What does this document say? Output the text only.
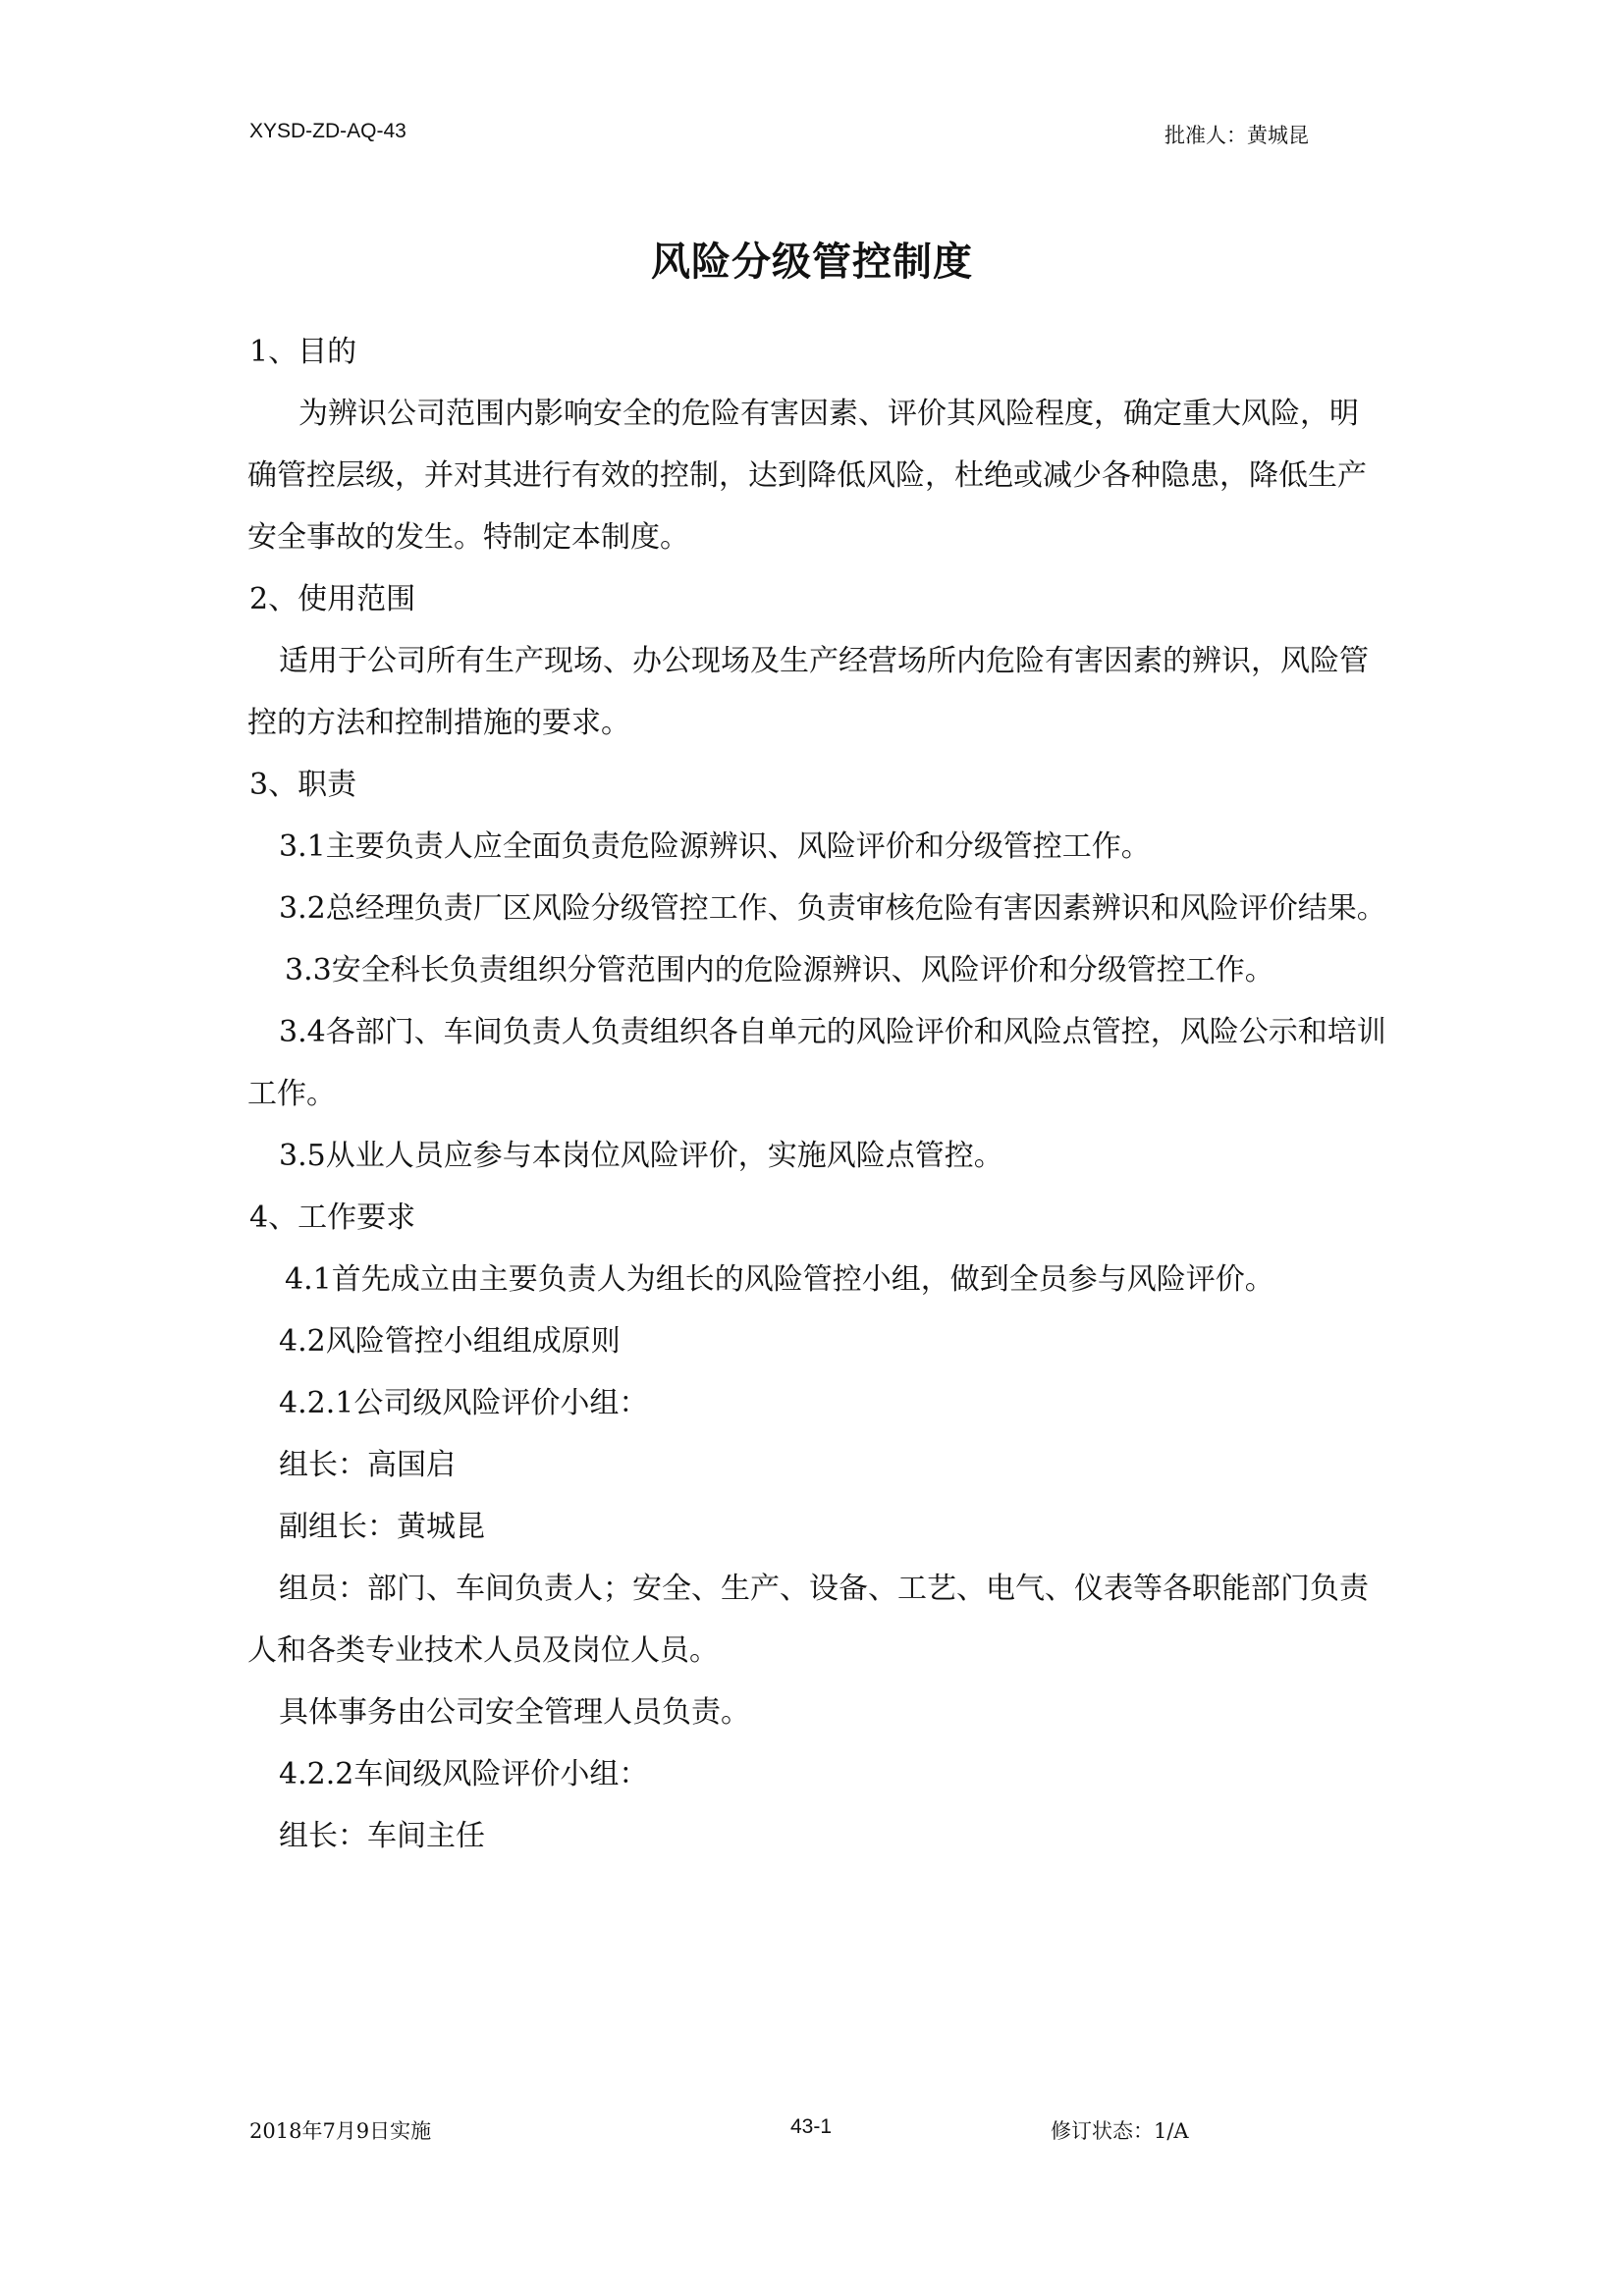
XYSD-ZD-AQ-43	批准人：黄城昆
风险分级管控制度

1、目的

为辨识公司范围内影响安全的危险有害因素、评价其风险程度，确定重大风险，明确管控层级，并对其进行有效的控制，达到降低风险，杜绝或减少各种隐患，降低生产安全事故的发生。特制定本制度。

2、使用范围

适用于公司所有生产现场、办公现场及生产经营场所内危险有害因素的辨识，风险管控的方法和控制措施的要求。

3、职责

3.1主要负责人应全面负责危险源辨识、风险评价和分级管控工作。

3.2总经理负责厂区风险分级管控工作、负责审核危险有害因素辨识和风险评价结果。

3.3安全科长负责组织分管范围内的危险源辨识、风险评价和分级管控工作。

3.4各部门、车间负责人负责组织各自单元的风险评价和风险点管控，风险公示和培训工作。

3.5从业人员应参与本岗位风险评价，实施风险点管控。

4、工作要求

4.1首先成立由主要负责人为组长的风险管控小组，做到全员参与风险评价。

4.2风险管控小组组成原则

4.2.1公司级风险评价小组：

组长：高国启

副组长：黄城昆

组员：部门、车间负责人；安全、生产、设备、工艺、电气、仪表等各职能部门负责人和各类专业技术人员及岗位人员。

具体事务由公司安全管理人员负责。

4.2.2车间级风险评价小组：

组长：车间主任

2018年7月9日实施	43-1	修订状态：1/A
